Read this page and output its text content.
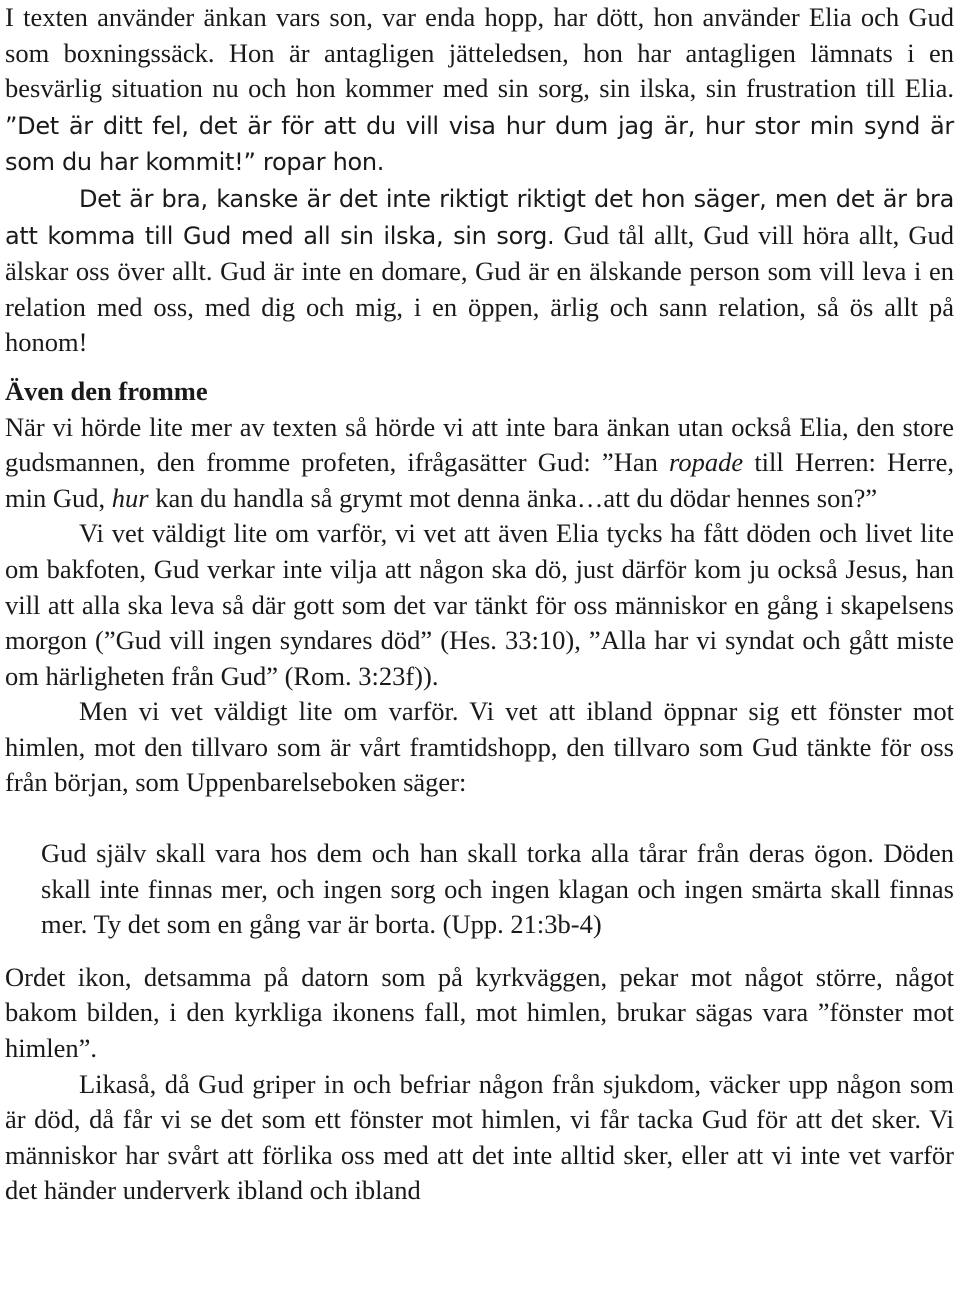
I texten använder änkan vars son, var enda hopp, har dött, hon använder Elia och Gud som boxningssäck. Hon är antagligen jätteledsen, hon har antagligen lämnats i en besvärlig situation nu och hon kommer med sin sorg, sin ilska, sin frustration till Elia. ”Det är ditt fel, det är för att du vill visa hur dum jag är, hur stor min synd är som du har kommit!” ropar hon.

Det är bra, kanske är det inte riktigt riktigt det hon säger, men det är bra att komma till Gud med all sin ilska, sin sorg. Gud tål allt, Gud vill höra allt, Gud älskar oss över allt. Gud är inte en domare, Gud är en älskande person som vill leva i en relation med oss, med dig och mig, i en öppen, ärlig och sann relation, så ös allt på honom!

Även den fromme

När vi hörde lite mer av texten så hörde vi att inte bara änkan utan också Elia, den store gudsmannen, den fromme profeten, ifrågasätter Gud: ”Han ropade till Herren: Herre, min Gud, hur kan du handla så grymt mot denna änka…att du dödar hennes son?”

Vi vet väldigt lite om varför, vi vet att även Elia tycks ha fått döden och livet lite om bakfoten, Gud verkar inte vilja att någon ska dö, just därför kom ju också Jesus, han vill att alla ska leva så där gott som det var tänkt för oss människor en gång i skapelsens morgon (”Gud vill ingen syndares död” (Hes. 33:10), ”Alla har vi syndat och gått miste om härligheten från Gud” (Rom. 3:23f)).

Men vi vet väldigt lite om varför. Vi vet att ibland öppnar sig ett fönster mot himlen, mot den tillvaro som är vårt framtidshopp, den tillvaro som Gud tänkte för oss från början, som Uppenbarelseboken säger:

Gud själv skall vara hos dem och han skall torka alla tårar från deras ögon. Döden skall inte finnas mer, och ingen sorg och ingen klagan och ingen smärta skall finnas mer. Ty det som en gång var är borta. (Upp. 21:3b-4)

Ordet ikon, detsamma på datorn som på kyrkväggen, pekar mot något större, något bakom bilden, i den kyrkliga ikonens fall, mot himlen, brukar sägas vara ”fönster mot himlen”.

Likaså, då Gud griper in och befriar någon från sjukdom, väcker upp någon som är död, då får vi se det som ett fönster mot himlen, vi får tacka Gud för att det sker. Vi människor har svårt att förlika oss med att det inte alltid sker, eller att vi inte vet varför det händer underverk ibland och ibland
